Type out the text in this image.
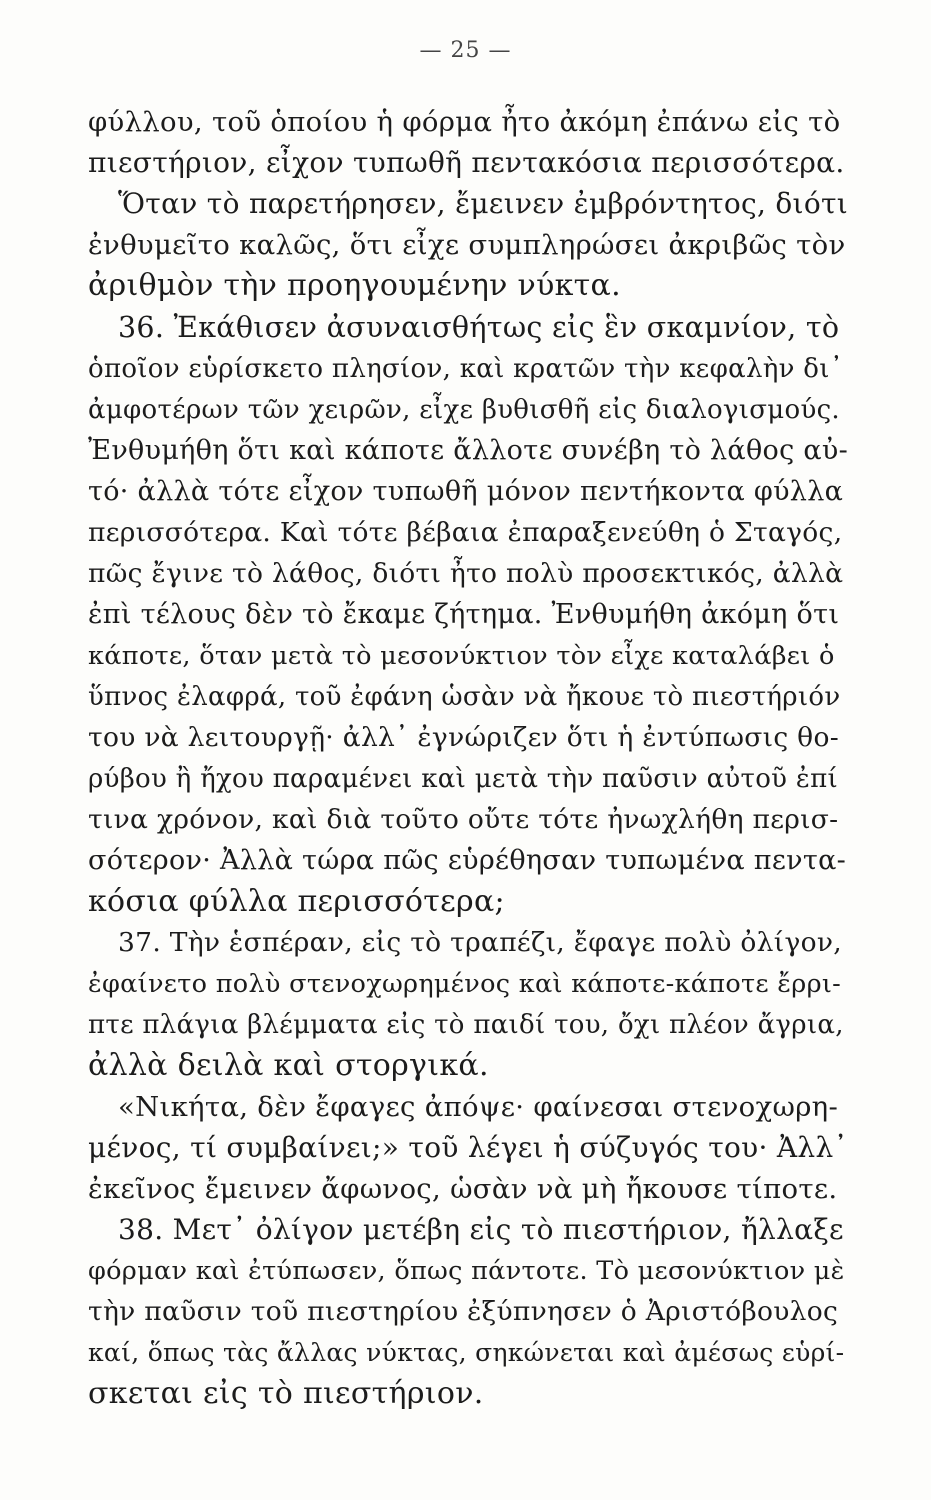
— 25 —
φύλλου, τοῦ ὁποίου ἡ φόρμα ἦτο ἀκόμη ἐπάνω εἰς τὸ
πιεστήριον, εἶχον τυπωθῆ πεντακόσια περισσότερα.
Ὅταν τὸ παρετήρησεν, ἔμεινεν ἐμβρόντητος, διότι
ἐνθυμεῖτο καλῶς, ὅτι εἶχε συμπληρώσει ἀκριβῶς τὸν
ἀριθμὸν τὴν προηγουμένην νύκτα.
36. Ἐκάθισεν ἀσυναισθήτως εἰς ἓν σκαμνίον, τὸ
ὁποῖον εὑρίσκετο πλησίον, καὶ κρατῶν τὴν κεφαλὴν δι᾽
ἀμφοτέρων τῶν χειρῶν, εἶχε βυθισθῆ εἰς διαλογισμούς.
Ἐνθυμήθη ὅτι καὶ κάποτε ἄλλοτε συνέβη τὸ λάθος αὐ-
τό· ἀλλὰ τότε εἶχον τυπωθῆ μόνον πεντήκοντα φύλλα
περισσότερα. Καὶ τότε βέβαια ἐπαραξενεύθη ὁ Σταγός,
πῶς ἔγινε τὸ λάθος, διότι ἦτο πολὺ προσεκτικός, ἀλλὰ
ἐπὶ τέλους δὲν τὸ ἔκαμε ζήτημα. Ἐνθυμήθη ἀκόμη ὅτι
κάποτε, ὅταν μετὰ τὸ μεσονύκτιον τὸν εἶχε καταλάβει ὁ
ὕπνος ἐλαφρά, τοῦ ἐφάνη ὡσὰν νὰ ἤκουε τὸ πιεστήριόν
του νὰ λειτουργῇ· ἀλλ᾽ ἐγνώριζεν ὅτι ἡ ἐντύπωσις θο-
ρύβου ἢ ἤχου παραμένει καὶ μετὰ τὴν παῦσιν αὐτοῦ ἐπί
τινα χρόνον, καὶ διὰ τοῦτο οὔτε τότε ἠνωχλήθη περισ-
σότερον· Ἀλλὰ τώρα πῶς εὑρέθησαν τυπωμένα πεντα-
κόσια φύλλα περισσότερα;
37. Τὴν ἑσπέραν, εἰς τὸ τραπέζι, ἔφαγε πολὺ ὀλίγον,
ἐφαίνετο πολὺ στενοχωρημένος καὶ κάποτε-κάποτε ἔρρι-
πτε πλάγια βλέμματα εἰς τὸ παιδί του, ὄχι πλέον ἄγρια,
ἀλλὰ δειλὰ καὶ στοργικά.
«Νικήτα, δὲν ἔφαγες ἀπόψε· φαίνεσαι στενοχωρη-
μένος, τί συμβαίνει;» τοῦ λέγει ἡ σύζυγός του· Ἀλλ᾽
ἐκεῖνος ἔμεινεν ἄφωνος, ὡσὰν νὰ μὴ ἤκουσε τίποτε.
38. Μετ᾽ ὀλίγον μετέβη εἰς τὸ πιεστήριον, ἤλλαξε
φόρμαν καὶ ἐτύπωσεν, ὅπως πάντοτε. Τὸ μεσονύκτιον μὲ
τὴν παῦσιν τοῦ πιεστηρίου ἐξύπνησεν ὁ Ἀριστόβουλος
καί, ὅπως τὰς ἄλλας νύκτας, σηκώνεται καὶ ἀμέσως εὑρί-
σκεται εἰς τὸ πιεστήριον.
